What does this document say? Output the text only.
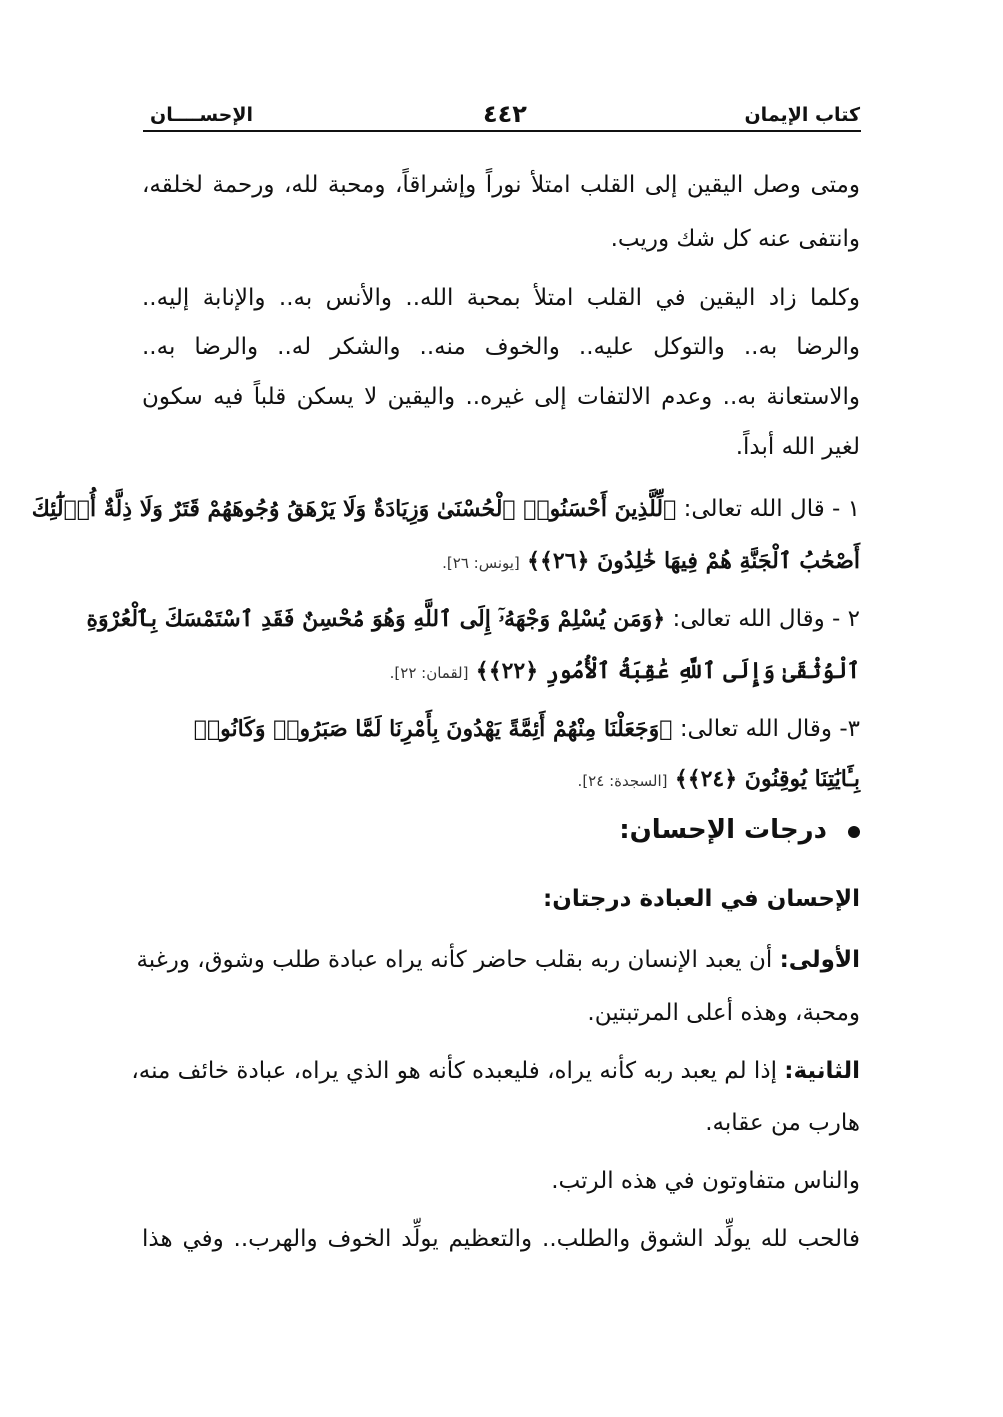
كتاب الإيمان
٤٤٢
الإحســــان
ومتى وصل اليقين إلى القلب امتلأ نوراً وإشراقاً، ومحبة لله، ورحمة لخلقه،
وانتفى عنه كل شك وريب.
وكلما زاد اليقين في القلب امتلأ بمحبة الله.. والأنس به.. والإنابة إليه..
والرضا به.. والتوكل عليه.. والخوف منه.. والشكر له.. والرضا به..
والاستعانة به.. وعدم الالتفات إلى غيره.. واليقين لا يسكن قلباً فيه سكون
لغير الله أبداً.
١ - قال الله تعالى: ﴿لِّلَّذِينَ أَحْسَنُوا۟ ٱلْحُسْنَىٰ وَزِيَادَةٌ وَلَا يَرْهَقُ وُجُوهَهُمْ قَتَرٌ وَلَا ذِلَّةٌ أُو۟لَٰٓئِكَ
أَصْحَٰبُ ٱلْجَنَّةِ هُمْ فِيهَا خَٰلِدُونَ ﴿٢٦﴾﴾ [يونس: ٢٦].
٢ - وقال الله تعالى: ﴿وَمَن يُسْلِمْ وَجْهَهُۥٓ إِلَى ٱللَّهِ وَهُوَ مُحْسِنٌ فَقَدِ ٱسْتَمْسَكَ بِٱلْعُرْوَةِ
ٱلْوُثْقَىٰ وَإِلَى ٱللَّهِ عَٰقِبَةُ ٱلْأُمُورِ ﴿٢٢﴾﴾ [لقمان: ٢٢].
٣- وقال الله تعالى: ﴿وَجَعَلْنَا مِنْهُمْ أَئِمَّةً يَهْدُونَ بِأَمْرِنَا لَمَّا صَبَرُوا۟ وَكَانُوا۟
بِـَٔايَٰتِنَا يُوقِنُونَ ﴿٢٤﴾﴾ [السجدة: ٢٤].
درجات الإحسان:
الإحسان في العبادة درجتان:
الأولى: أن يعبد الإنسان ربه بقلب حاضر كأنه يراه عبادة طلب وشوق، ورغبة
ومحبة، وهذه أعلى المرتبتين.
الثانية: إذا لم يعبد ربه كأنه يراه، فليعبده كأنه هو الذي يراه، عبادة خائف منه،
هارب من عقابه.
والناس متفاوتون في هذه الرتب.
فالحب لله يولِّد الشوق والطلب.. والتعظيم يولِّد الخوف والهرب.. وفي هذا
